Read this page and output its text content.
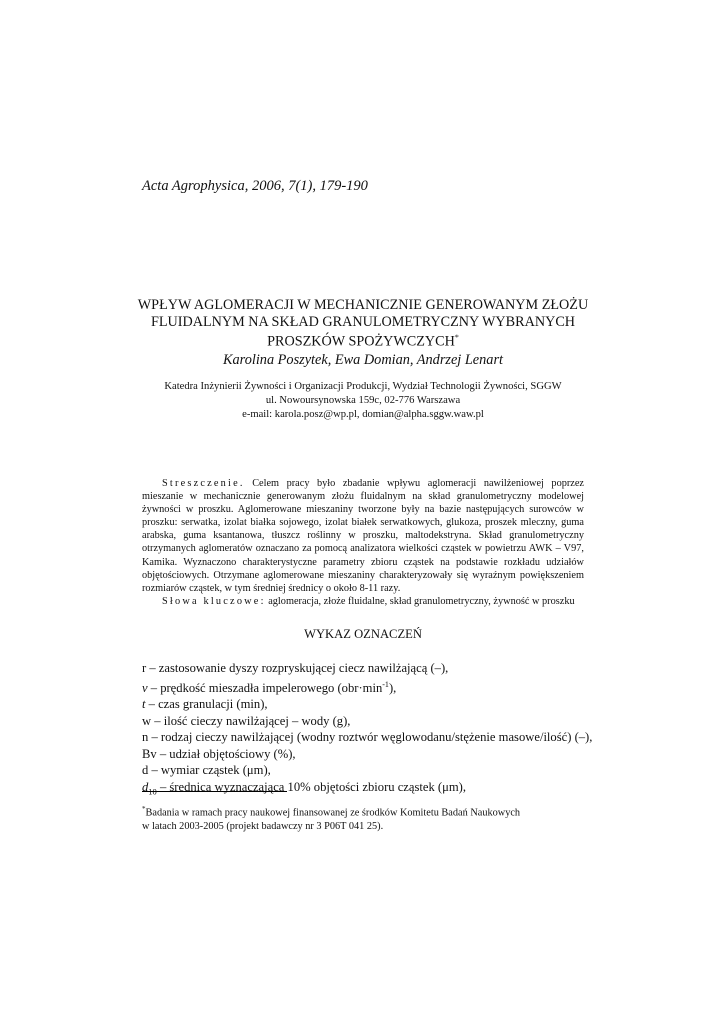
Acta Agrophysica, 2006, 7(1), 179-190
WPŁYW AGLOMERACJI W MECHANICZNIE GENEROWANYM ZŁOŻU
FLUIDALNYM NA SKŁAD GRANULOMETRYCZNY WYBRANYCH
PROSZKÓW SPOŻYWCZYCH*
Karolina Poszytek, Ewa Domian, Andrzej Lenart
Katedra Inżynierii Żywności i Organizacji Produkcji, Wydział Technologii Żywności, SGGW
ul. Nowoursynowska 159c, 02-776 Warszawa
e-mail: karola.posz@wp.pl, domian@alpha.sggw.waw.pl

Streszczenie. Celem pracy było zbadanie wpływu aglomeracji nawilżeniowej poprzez mieszanie w mechanicznie generowanym złożu fluidalnym na skład granulometryczny modelowej żywności w proszku. Aglomerowane mieszaniny tworzone były na bazie następujących surowców w proszku: serwatka, izolat białka sojowego, izolat białek serwatkowych, glukoza, proszek mleczny, guma arabska, guma ksantanowa, tłuszcz roślinny w proszku, maltodekstryna. Skład granulometryczny otrzymanych aglomeratów oznaczano za pomocą analizatora wielkości cząstek w powietrzu AWK – V97, Kamika. Wyznaczono charakterystyczne parametry zbioru cząstek na podstawie rozkładu udziałów objętościowych. Otrzymane aglomerowane mieszaniny charakteryzowały się wyraźnym powiększeniem rozmiarów cząstek, w tym średniej średnicy o około 8-11 razy.

Słowa kluczowe: aglomeracja, złoże fluidalne, skład granulometryczny, żywność w proszku

WYKAZ OZNACZEŃ
r – zastosowanie dyszy rozpryskującej ciecz nawilżającą (–),
v – prędkość mieszadła impelerowego $(obr\cdot\min^{-1})$,
t – czas granulacji (min),
w – ilość cieczy nawilżającej – wody (g),
n – rodzaj cieczy nawilżającej (wodny roztwór węglowodanu/stężenie masowe/ilość) (–),
Bv – udział objętościowy (%),
d – wymiar cząstek (μm),
$d_{10}$ – średnica wyznaczająca 10% objętości zbioru cząstek (μm),
*Badania w ramach pracy naukowej finansowanej ze środków Komitetu Badań Naukowych
w latach 2003-2005 (projekt badawczy nr 3 P06T 041 25).
